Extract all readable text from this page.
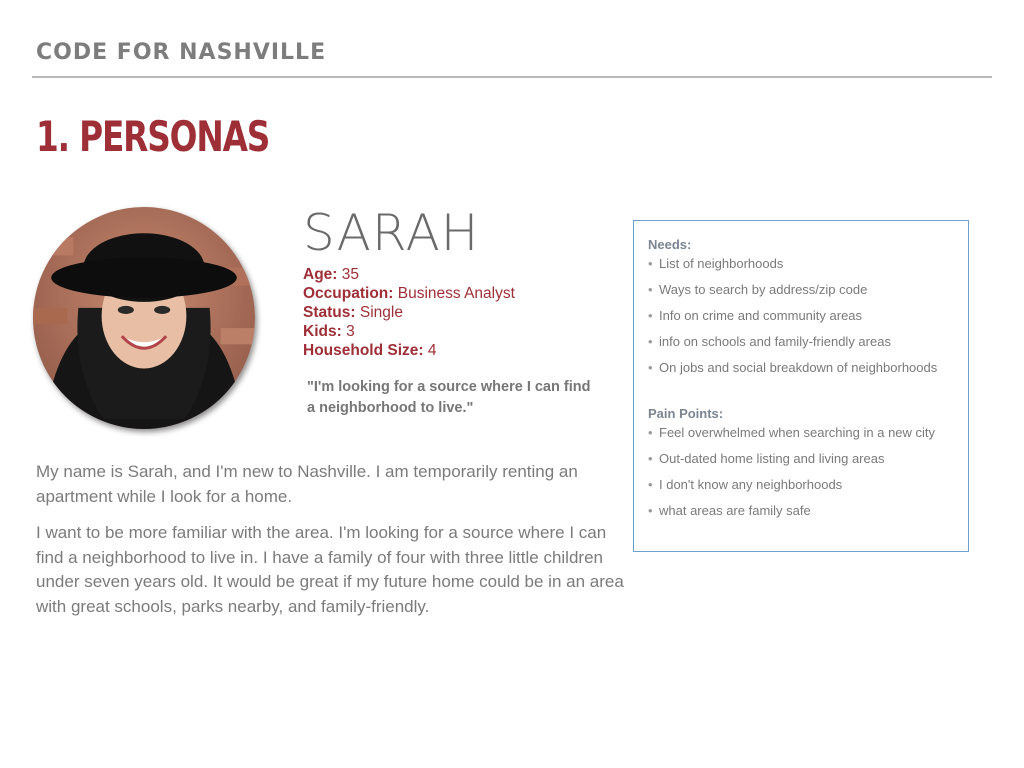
CODE FOR NASHVILLE
1. PERSONAS
SARAH
Age: 35
Occupation: Business Analyst
Status: Single
Kids: 3
Household Size: 4
"I'm looking for a source where I can find a neighborhood to live."

My name is Sarah, and I'm new to Nashville. I am temporarily renting an apartment while I look for a home.

I want to be more familiar with the area. I'm looking for a source where I can find a neighborhood to live in. I have a family of four with three little children under seven years old. It would be great if my future home could be in an area with great schools, parks nearby, and family-friendly.

Needs:
• List of neighborhoods
• Ways to search by address/zip code
• Info on crime and community areas
• info on schools and family-friendly areas
• On jobs and social breakdown of neighborhoods
Pain Points:
• Feel overwhelmed when searching in a new city
• Out-dated home listing and living areas
• I don't know any neighborhoods
• what areas are family safe
